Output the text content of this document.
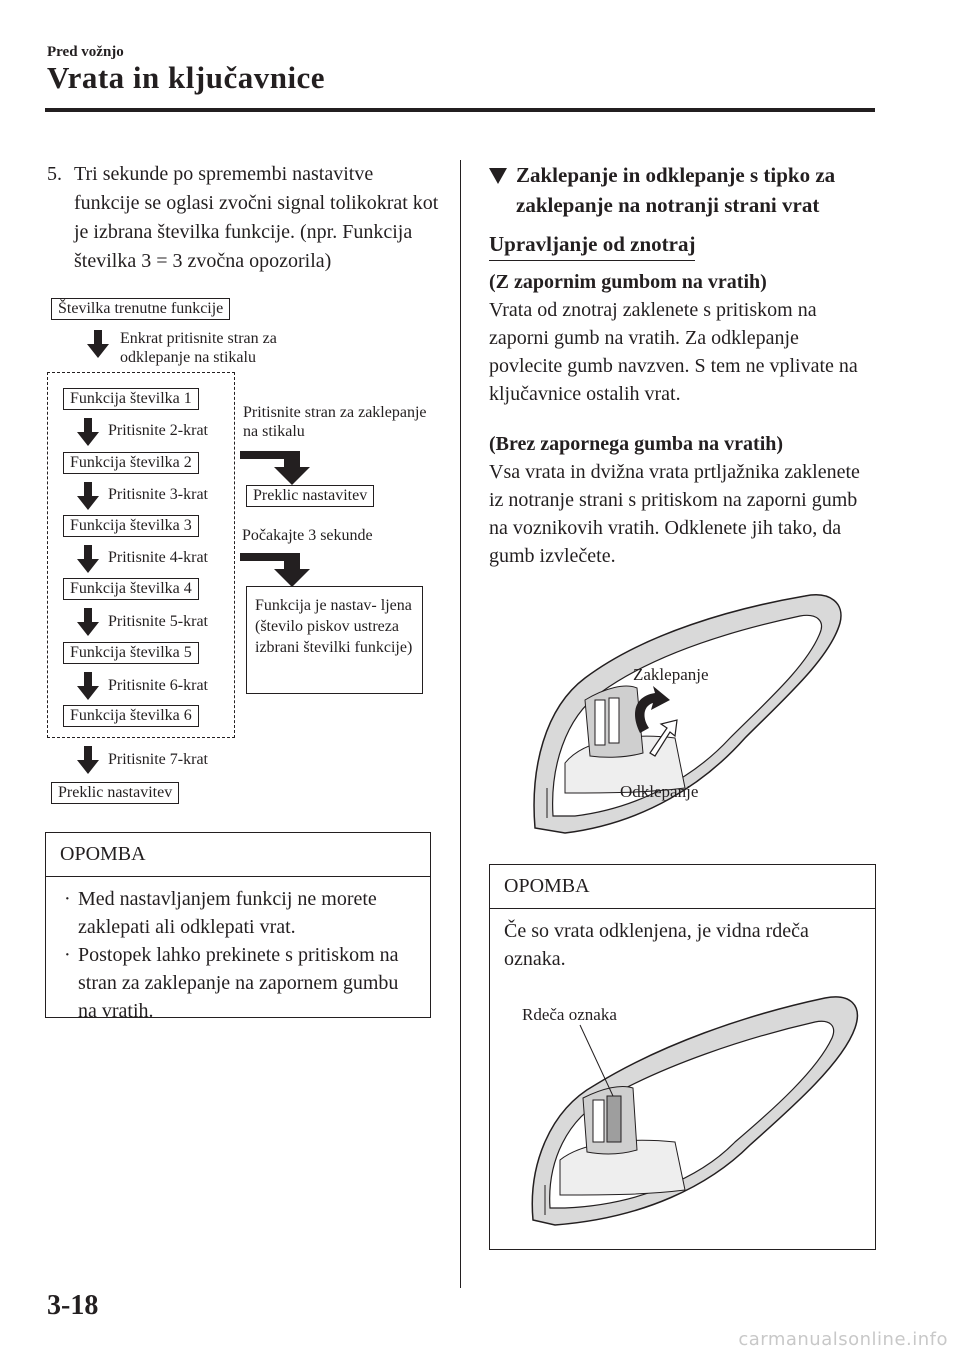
Pred vožnjo
Vrata in ključavnice
5. Tri sekunde po spremembi nastavitve funkcije se oglasi zvočni signal tolikokrat kot je izbrana številka funkcije. (npr. Funkcija številka 3 = 3 zvočna opozorila)
Številka trenutne funkcije
Enkrat pritisnite stran za odklepanje na stikalu
Funkcija številka 1
Pritisnite 2-krat
Funkcija številka 2
Pritisnite 3-krat
Funkcija številka 3
Pritisnite 4-krat
Funkcija številka 4
Pritisnite 5-krat
Funkcija številka 5
Pritisnite 6-krat
Funkcija številka 6
Pritisnite 7-krat
Preklic nastavitev
Pritisnite stran za zaklepanje na stikalu
Preklic nastavitev
Počakajte 3 sekunde
Funkcija je nastav- ljena (število piskov ustreza izbrani številki funkcije)
OPOMBA
· Med nastavljanjem funkcij ne morete zaklepati ali odklepati vrat.
· Postopek lahko prekinete s pritiskom na stran za zaklepanje na zapornem gumbu na vratih.
Zaklepanje in odklepanje s tipko za zaklepanje na notranji strani vrat
Upravljanje od znotraj
(Z zapornim gumbom na vratih)
Vrata od znotraj zaklenete s pritiskom na zaporni gumb na vratih. Za odklepanje povlecite gumb navzven. S tem ne vplivate na ključavnice ostalih vrat.
(Brez zapornega gumba na vratih)
Vsa vrata in dvižna vrata prtljažnika zaklenete iz notranje strani s pritiskom na zaporni gumb na voznikovih vratih. Odklenete jih tako, da gumb izvlečete.
Zaklepanje
Odklepanje
OPOMBA
Če so vrata odklenjena, je vidna rdeča oznaka.
Rdeča oznaka
3-18
carmanualsonline.info
